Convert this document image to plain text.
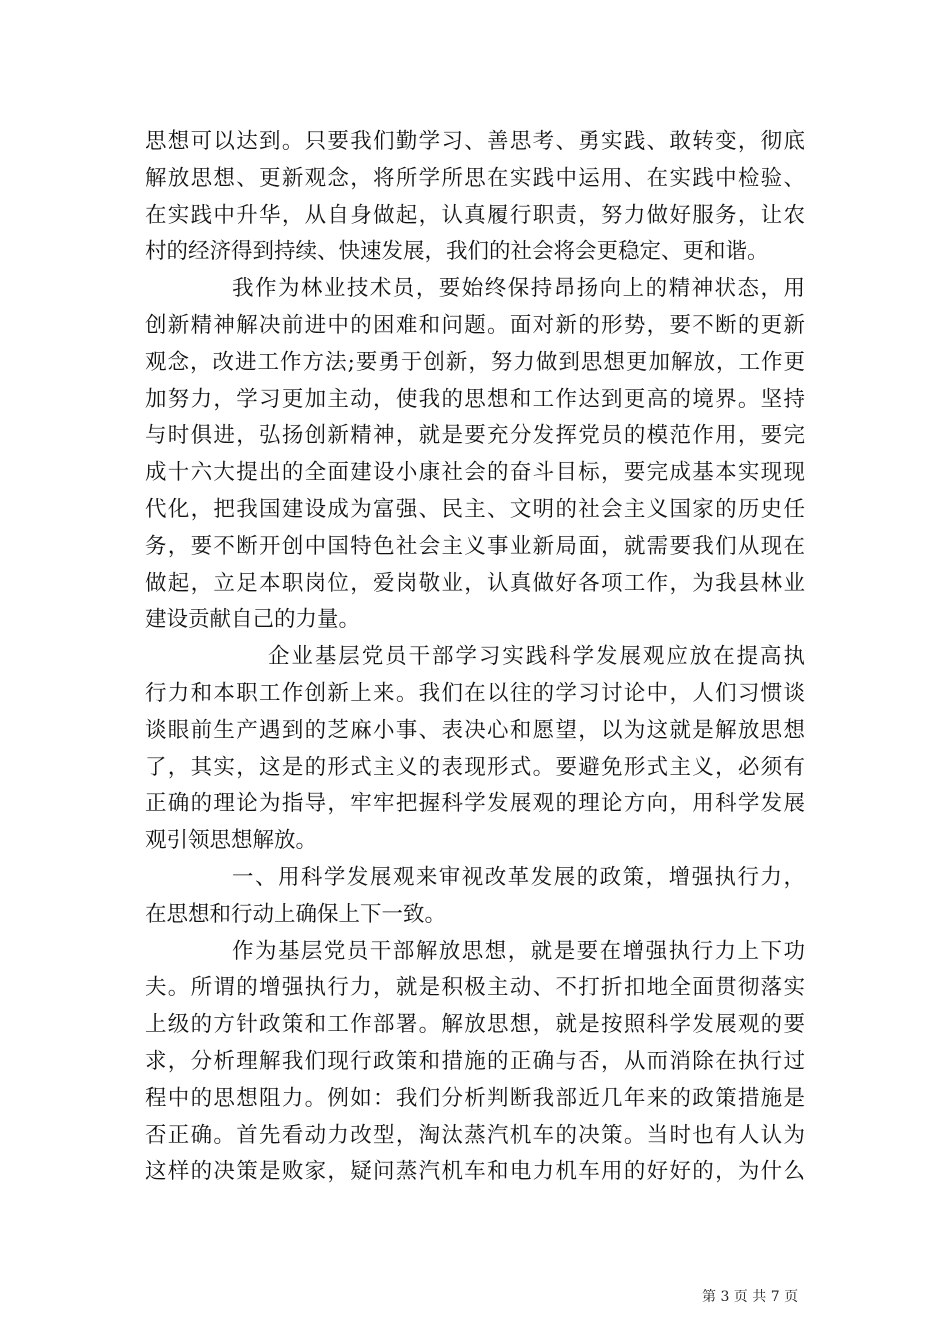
思想可以达到。只要我们勤学习、善思考、勇实践、敢转变，彻底
解放思想、更新观念，将所学所思在实践中运用、在实践中检验、
在实践中升华，从自身做起，认真履行职责，努力做好服务，让农
村的经济得到持续、快速发展，我们的社会将会更稳定、更和谐。
我作为林业技术员，要始终保持昂扬向上的精神状态，用
创新精神解决前进中的困难和问题。面对新的形势，要不断的更新
观念，改进工作方法;要勇于创新，努力做到思想更加解放，工作更
加努力，学习更加主动，使我的思想和工作达到更高的境界。坚持
与时俱进，弘扬创新精神，就是要充分发挥党员的模范作用，要完
成十六大提出的全面建设小康社会的奋斗目标，要完成基本实现现
代化，把我国建设成为富强、民主、文明的社会主义国家的历史任
务，要不断开创中国特色社会主义事业新局面，就需要我们从现在
做起，立足本职岗位，爱岗敬业，认真做好各项工作，为我县林业
建设贡献自己的力量。
企业基层党员干部学习实践科学发展观应放在提高执
行力和本职工作创新上来。我们在以往的学习讨论中，人们习惯谈
谈眼前生产遇到的芝麻小事、表决心和愿望，以为这就是解放思想
了，其实，这是的形式主义的表现形式。要避免形式主义，必须有
正确的理论为指导，牢牢把握科学发展观的理论方向，用科学发展
观引领思想解放。
一、用科学发展观来审视改革发展的政策，增强执行力，
在思想和行动上确保上下一致。
作为基层党员干部解放思想，就是要在增强执行力上下功
夫。所谓的增强执行力，就是积极主动、不打折扣地全面贯彻落实
上级的方针政策和工作部署。解放思想，就是按照科学发展观的要
求，分析理解我们现行政策和措施的正确与否，从而消除在执行过
程中的思想阻力。例如：我们分析判断我部近几年来的政策措施是
否正确。首先看动力改型，淘汰蒸汽机车的决策。当时也有人认为
这样的决策是败家，疑问蒸汽机车和电力机车用的好好的，为什么
第 3 页 共 7 页
